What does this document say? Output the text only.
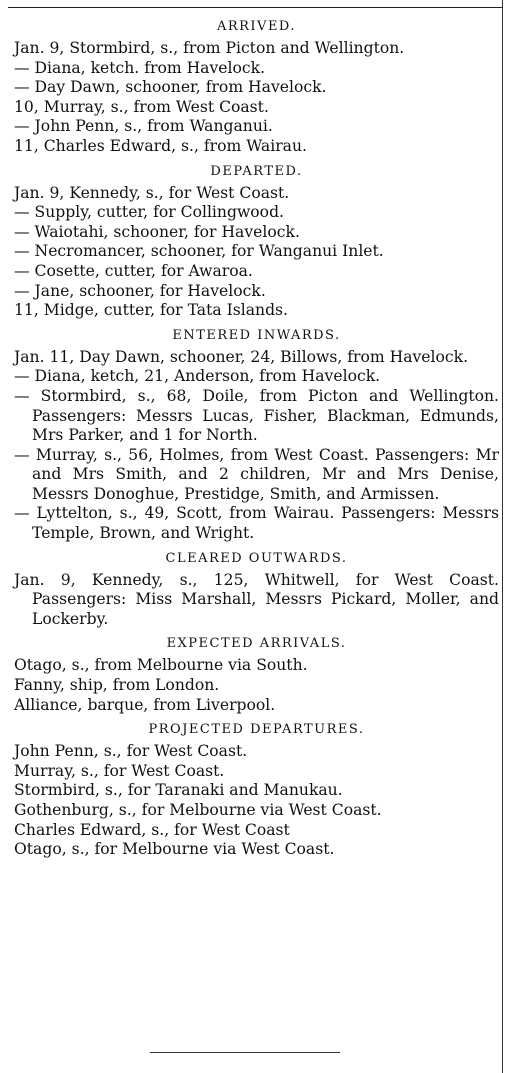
ARRIVED.

Jan. 9, Stormbird, s., from Picton and Wellington.

— Diana, ketch. from Havelock.

— Day Dawn, schooner, from Havelock.

10, Murray, s., from West Coast.

— John Penn, s., from Wanganui.

11, Charles Edward, s., from Wairau.

DEPARTED.

Jan. 9, Kennedy, s., for West Coast.

— Supply, cutter, for Collingwood.

— Waiotahi, schooner, for Havelock.

— Necromancer, schooner, for Wanganui Inlet.

— Cosette, cutter, for Awaroa.

— Jane, schooner, for Havelock.

11, Midge, cutter, for Tata Islands.

ENTERED INWARDS.

Jan. 11, Day Dawn, schooner, 24, Billows, from Havelock.

— Diana, ketch, 21, Anderson, from Havelock.

— Stormbird, s., 68, Doile, from Picton and Wellington. Passengers: Messrs Lucas, Fisher, Blackman, Edmunds, Mrs Parker, and 1 for North.

— Murray, s., 56, Holmes, from West Coast. Passengers: Mr and Mrs Smith, and 2 children, Mr and Mrs Denise, Messrs Donoghue, Prestidge, Smith, and Armissen.

— Lyttelton, s., 49, Scott, from Wairau. Passengers: Messrs Temple, Brown, and Wright.

CLEARED OUTWARDS.

Jan. 9, Kennedy, s., 125, Whitwell, for West Coast. Passengers: Miss Marshall, Messrs Pickard, Moller, and Lockerby.

EXPECTED ARRIVALS.

Otago, s., from Melbourne via South.

Fanny, ship, from London.

Alliance, barque, from Liverpool.

PROJECTED DEPARTURES.

John Penn, s., for West Coast.

Murray, s., for West Coast.

Stormbird, s., for Taranaki and Manukau.

Gothenburg, s., for Melbourne via West Coast.

Charles Edward, s., for West Coast

Otago, s., for Melbourne via West Coast.
